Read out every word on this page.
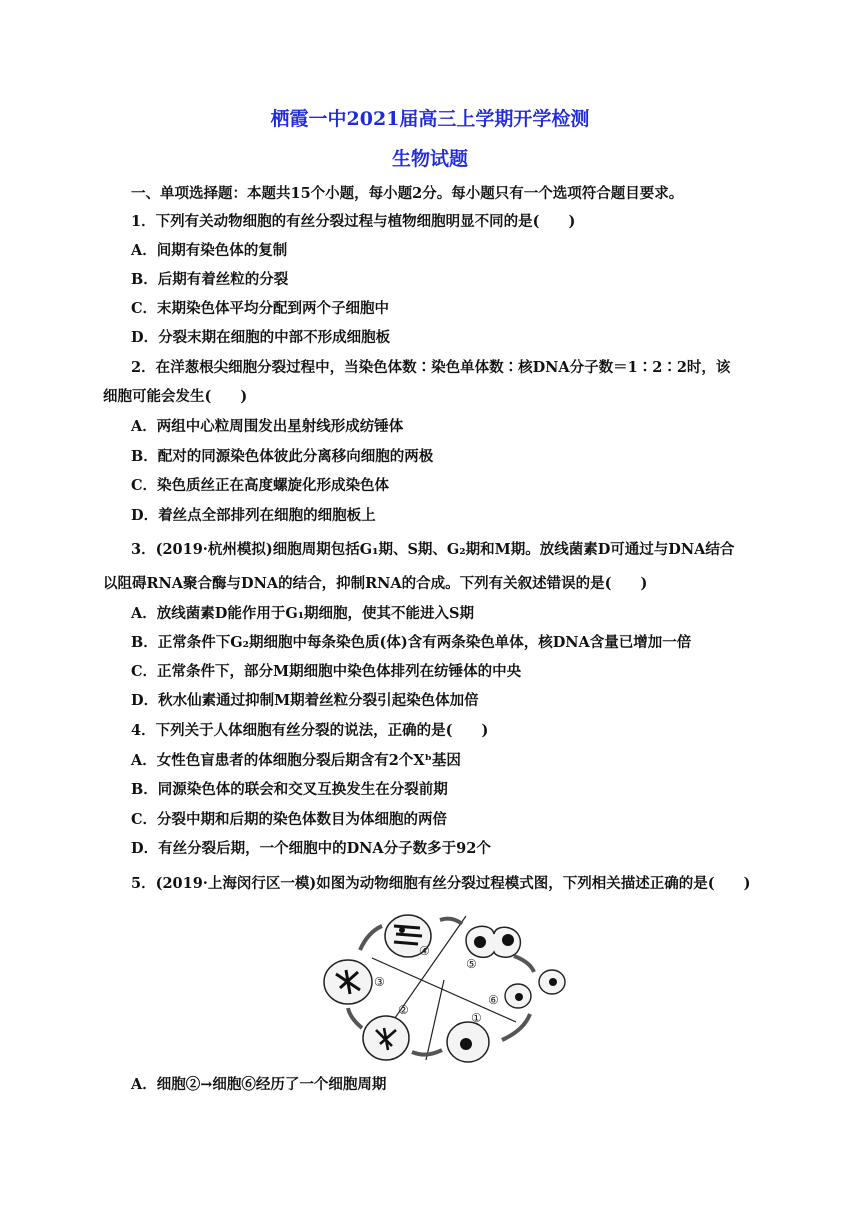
栖霞一中2021届高三上学期开学检测
生物试题
一、单项选择题：本题共15个小题，每小题2分。每小题只有一个选项符合题目要求。
1．下列有关动物细胞的有丝分裂过程与植物细胞明显不同的是(　　)
A．间期有染色体的复制
B．后期有着丝粒的分裂
C．末期染色体平均分配到两个子细胞中
D．分裂末期在细胞的中部不形成细胞板
2．在洋葱根尖细胞分裂过程中，当染色体数∶染色单体数∶核DNA分子数＝1∶2∶2时，该
细胞可能会发生(　　)
A．两组中心粒周围发出星射线形成纺锤体
B．配对的同源染色体彼此分离移向细胞的两极
C．染色质丝正在高度螺旋化形成染色体
D．着丝点全部排列在细胞的细胞板上
3．(2019·杭州模拟)细胞周期包括G₁期、S期、G₂期和M期。放线菌素D可通过与DNA结合
以阻碍RNA聚合酶与DNA的结合，抑制RNA的合成。下列有关叙述错误的是(　　)
A．放线菌素D能作用于G₁期细胞，使其不能进入S期
B．正常条件下G₂期细胞中每条染色质(体)含有两条染色单体，核DNA含量已增加一倍
C．正常条件下，部分M期细胞中染色体排列在纺锤体的中央
D．秋水仙素通过抑制M期着丝粒分裂引起染色体加倍
4．下列关于人体细胞有丝分裂的说法，正确的是(　　)
A．女性色盲患者的体细胞分裂后期含有2个Xᵇ基因
B．同源染色体的联会和交叉互换发生在分裂前期
C．分裂中期和后期的染色体数目为体细胞的两倍
D．有丝分裂后期，一个细胞中的DNA分子数多于92个
5．(2019·上海闵行区一模)如图为动物细胞有丝分裂过程模式图，下列相关描述正确的是(　　)
④
⑤
③
⑥
②
①
A．细胞②→细胞⑥经历了一个细胞周期
